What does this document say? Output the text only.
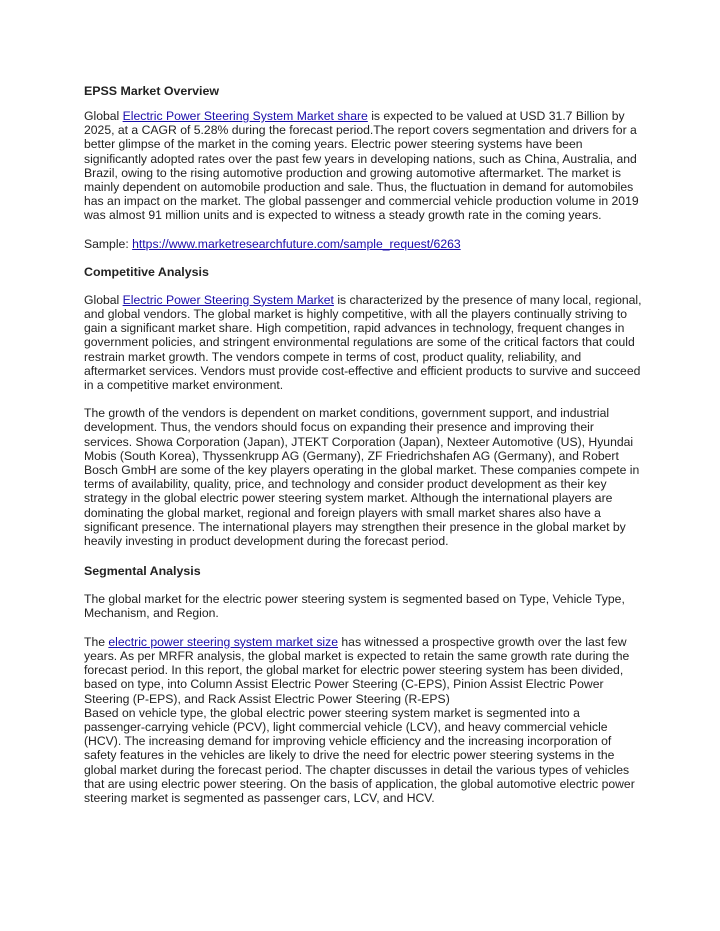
EPSS Market Overview

Global Electric Power Steering System Market share is expected to be valued at USD 31.7 Billion by 2025, at a CAGR of 5.28% during the forecast period.The report covers segmentation and drivers for a better glimpse of the market in the coming years. Electric power steering systems have been significantly adopted rates over the past few years in developing nations, such as China, Australia, and Brazil, owing to the rising automotive production and growing automotive aftermarket. The market is mainly dependent on automobile production and sale. Thus, the fluctuation in demand for automobiles has an impact on the market. The global passenger and commercial vehicle production volume in 2019 was almost 91 million units and is expected to witness a steady growth rate in the coming years.

Sample: https://www.marketresearchfuture.com/sample_request/6263

Competitive Analysis

Global Electric Power Steering System Market is characterized by the presence of many local, regional, and global vendors. The global market is highly competitive, with all the players continually striving to gain a significant market share. High competition, rapid advances in technology, frequent changes in government policies, and stringent environmental regulations are some of the critical factors that could restrain market growth. The vendors compete in terms of cost, product quality, reliability, and aftermarket services. Vendors must provide cost-effective and efficient products to survive and succeed in a competitive market environment.

The growth of the vendors is dependent on market conditions, government support, and industrial development. Thus, the vendors should focus on expanding their presence and improving their services. Showa Corporation (Japan), JTEKT Corporation (Japan), Nexteer Automotive (US), Hyundai Mobis (South Korea), Thyssenkrupp AG (Germany), ZF Friedrichshafen AG (Germany), and Robert Bosch GmbH are some of the key players operating in the global market. These companies compete in terms of availability, quality, price, and technology and consider product development as their key strategy in the global electric power steering system market. Although the international players are dominating the global market, regional and foreign players with small market shares also have a significant presence. The international players may strengthen their presence in the global market by heavily investing in product development during the forecast period.

Segmental Analysis

The global market for the electric power steering system is segmented based on Type, Vehicle Type, Mechanism, and Region.

The electric power steering system market size has witnessed a prospective growth over the last few years. As per MRFR analysis, the global market is expected to retain the same growth rate during the forecast period. In this report, the global market for electric power steering system has been divided, based on type, into Column Assist Electric Power Steering (C-EPS), Pinion Assist Electric Power Steering (P-EPS), and Rack Assist Electric Power Steering (R-EPS)

Based on vehicle type, the global electric power steering system market is segmented into a passenger-carrying vehicle (PCV), light commercial vehicle (LCV), and heavy commercial vehicle (HCV). The increasing demand for improving vehicle efficiency and the increasing incorporation of safety features in the vehicles are likely to drive the need for electric power steering systems in the global market during the forecast period. The chapter discusses in detail the various types of vehicles that are using electric power steering. On the basis of application, the global automotive electric power steering market is segmented as passenger cars, LCV, and HCV.
